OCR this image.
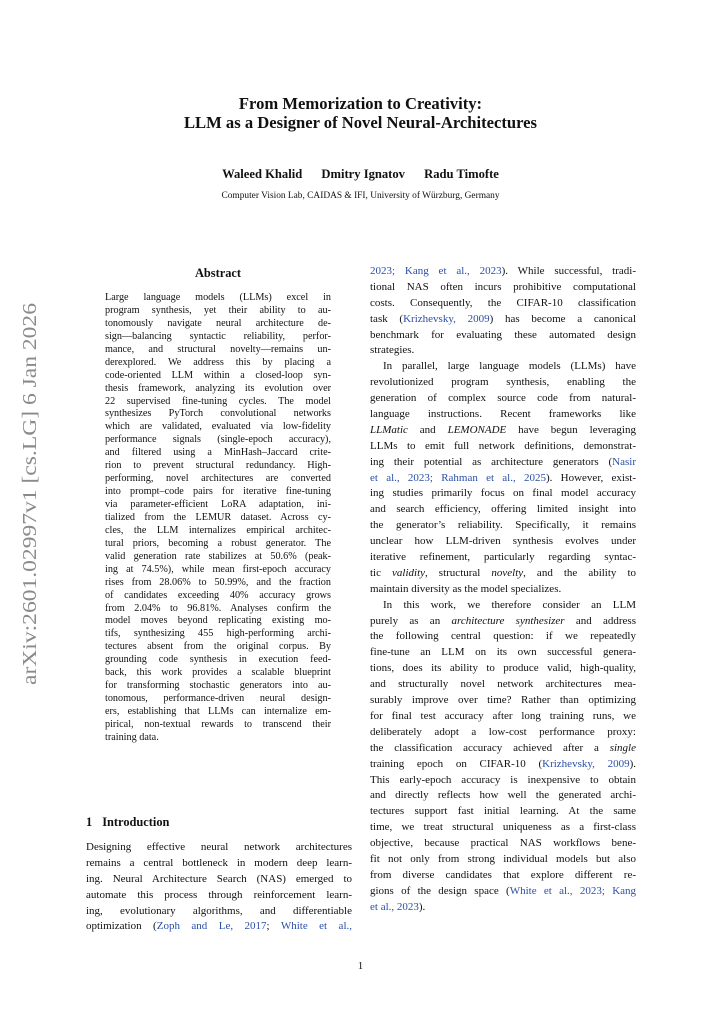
arXiv:2601.02997v1 [cs.LG] 6 Jan 2026
From Memorization to Creativity:
LLM as a Designer of Novel Neural-Architectures
Waleed Khalid Dmitry Ignatov Radu Timofte
Computer Vision Lab, CAIDAS & IFI, University of Würzburg, Germany
Abstract
Large language models (LLMs) excel in
program synthesis, yet their ability to au-
tonomously navigate neural architecture de-
sign—balancing syntactic reliability, perfor-
mance, and structural novelty—remains un-
derexplored. We address this by placing a
code-oriented LLM within a closed-loop syn-
thesis framework, analyzing its evolution over
22 supervised fine-tuning cycles. The model
synthesizes PyTorch convolutional networks
which are validated, evaluated via low-fidelity
performance signals (single-epoch accuracy),
and filtered using a MinHash–Jaccard crite-
rion to prevent structural redundancy. High-
performing, novel architectures are converted
into prompt–code pairs for iterative fine-tuning
via parameter-efficient LoRA adaptation, ini-
tialized from the LEMUR dataset. Across cy-
cles, the LLM internalizes empirical architec-
tural priors, becoming a robust generator. The
valid generation rate stabilizes at 50.6% (peak-
ing at 74.5%), while mean first-epoch accuracy
rises from 28.06% to 50.99%, and the fraction
of candidates exceeding 40% accuracy grows
from 2.04% to 96.81%. Analyses confirm the
model moves beyond replicating existing mo-
tifs, synthesizing 455 high-performing archi-
tectures absent from the original corpus. By
grounding code synthesis in execution feed-
back, this work provides a scalable blueprint
for transforming stochastic generators into au-
tonomous, performance-driven neural design-
ers, establishing that LLMs can internalize em-
pirical, non-textual rewards to transcend their
training data.
1 Introduction
Designing effective neural network architectures
remains a central bottleneck in modern deep learn-
ing. Neural Architecture Search (NAS) emerged to
automate this process through reinforcement learn-
ing, evolutionary algorithms, and differentiable
optimization (Zoph and Le, 2017; White et al.,
2023; Kang et al., 2023). While successful, tradi-
tional NAS often incurs prohibitive computational
costs. Consequently, the CIFAR-10 classification
task (Krizhevsky, 2009) has become a canonical
benchmark for evaluating these automated design
strategies.
In parallel, large language models (LLMs) have
revolutionized program synthesis, enabling the
generation of complex source code from natural-
language instructions. Recent frameworks like
LLMatic and LEMONADE have begun leveraging
LLMs to emit full network definitions, demonstrat-
ing their potential as architecture generators (Nasir
et al., 2023; Rahman et al., 2025). However, exist-
ing studies primarily focus on final model accuracy
and search efficiency, offering limited insight into
the generator’s reliability. Specifically, it remains
unclear how LLM-driven synthesis evolves under
iterative refinement, particularly regarding syntac-
tic validity, structural novelty, and the ability to
maintain diversity as the model specializes.
In this work, we therefore consider an LLM
purely as an architecture synthesizer and address
the following central question: if we repeatedly
fine-tune an LLM on its own successful genera-
tions, does its ability to produce valid, high-quality,
and structurally novel network architectures mea-
surably improve over time? Rather than optimizing
for final test accuracy after long training runs, we
deliberately adopt a low-cost performance proxy:
the classification accuracy achieved after a single
training epoch on CIFAR-10 (Krizhevsky, 2009).
This early-epoch accuracy is inexpensive to obtain
and directly reflects how well the generated archi-
tectures support fast initial learning. At the same
time, we treat structural uniqueness as a first-class
objective, because practical NAS workflows bene-
fit not only from strong individual models but also
from diverse candidates that explore different re-
gions of the design space (White et al., 2023; Kang
et al., 2023).
1
